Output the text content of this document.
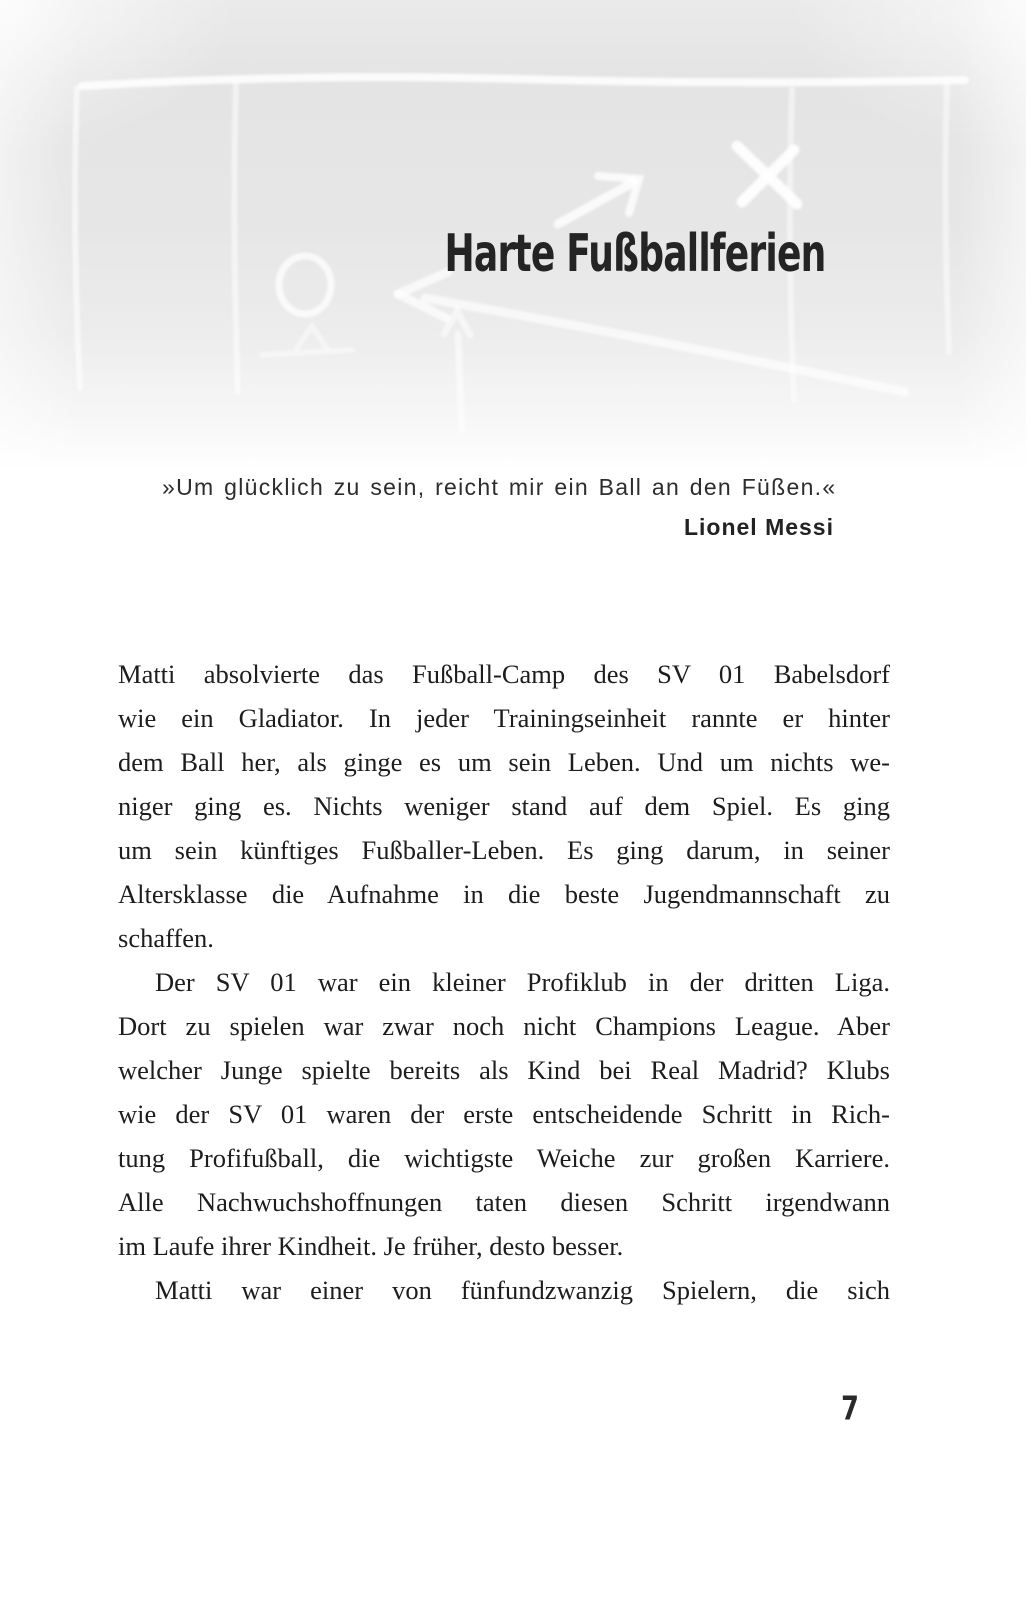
Harte Fußballferien
»Um glücklich zu sein, reicht mir ein Ball an den Füßen.«
Lionel Messi
Matti absolvierte das Fußball-Camp des SV 01 Babelsdorf
wie ein Gladiator. In jeder Trainingseinheit rannte er hinter
dem Ball her, als ginge es um sein Leben. Und um nichts we-
niger ging es. Nichts weniger stand auf dem Spiel. Es ging
um sein künftiges Fußballer-Leben. Es ging darum, in seiner
Altersklasse die Aufnahme in die beste Jugendmannschaft zu
schaffen.
Der SV 01 war ein kleiner Profiklub in der dritten Liga.
Dort zu spielen war zwar noch nicht Champions League. Aber
welcher Junge spielte bereits als Kind bei Real Madrid? Klubs
wie der SV 01 waren der erste entscheidende Schritt in Rich-
tung Profifußball, die wichtigste Weiche zur großen Karriere.
Alle Nachwuchshoffnungen taten diesen Schritt irgendwann
im Laufe ihrer Kindheit. Je früher, desto besser.
Matti war einer von fünfundzwanzig Spielern, die sich
7
